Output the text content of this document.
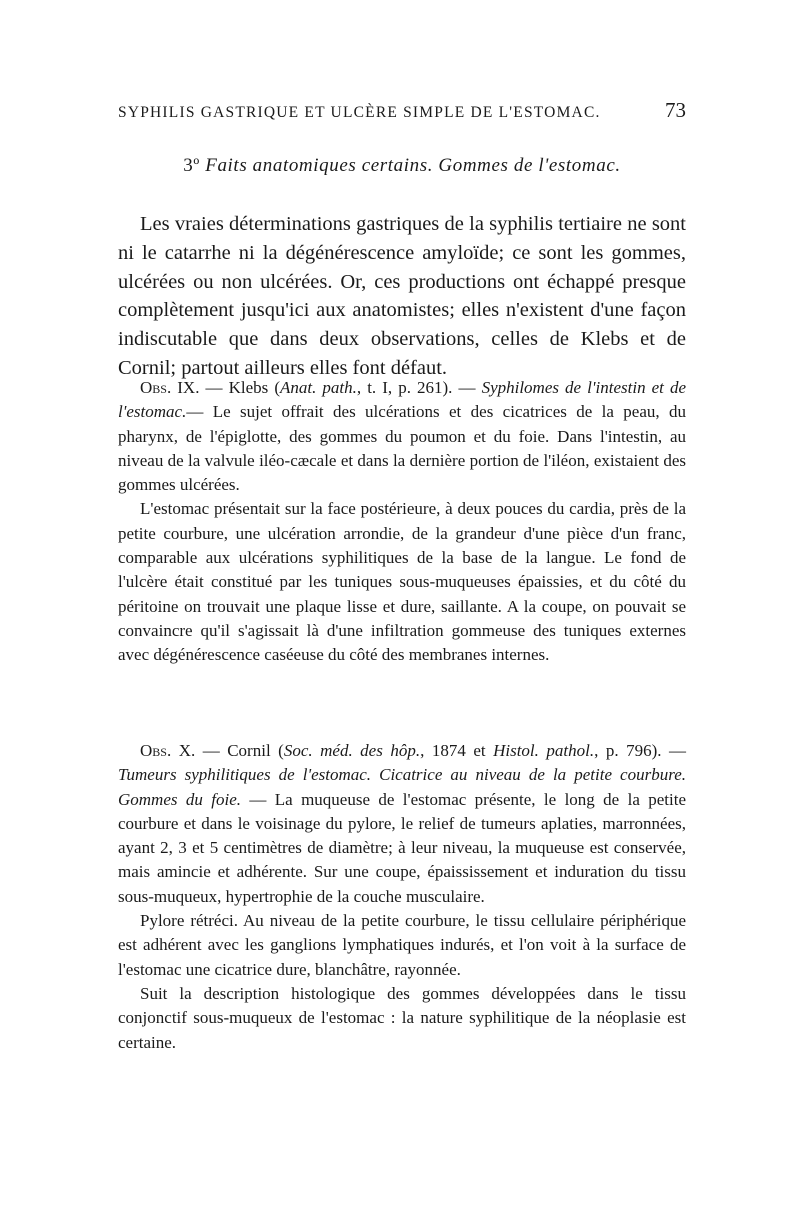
SYPHILIS GASTRIQUE ET ULCÈRE SIMPLE DE L'ESTOMAC.	73
3º Faits anatomiques certains. Gommes de l'estomac.

Les vraies déterminations gastriques de la syphilis tertiaire ne sont ni le catarrhe ni la dégénérescence amyloïde; ce sont les gommes, ulcérées ou non ulcérées. Or, ces productions ont échappé presque complètement jusqu'ici aux anatomistes; elles n'existent d'une façon indiscutable que dans deux observations, celles de Klebs et de Cornil; partout ailleurs elles font défaut.

Obs. IX. — Klebs (Anat. path., t. I, p. 261). — Syphilomes de l'intestin et de l'estomac.— Le sujet offrait des ulcérations et des cicatrices de la peau, du pharynx, de l'épiglotte, des gommes du poumon et du foie. Dans l'intestin, au niveau de la valvule iléo-cæcale et dans la dernière portion de l'iléon, existaient des gommes ulcérées.

L'estomac présentait sur la face postérieure, à deux pouces du cardia, près de la petite courbure, une ulcération arrondie, de la grandeur d'une pièce d'un franc, comparable aux ulcérations syphilitiques de la base de la langue. Le fond de l'ulcère était constitué par les tuniques sous-muqueuses épaissies, et du côté du péritoine on trouvait une plaque lisse et dure, saillante. A la coupe, on pouvait se convaincre qu'il s'agissait là d'une infiltration gommeuse des tuniques externes avec dégénérescence caséeuse du côté des membranes internes.

Obs. X. — Cornil (Soc. méd. des hôp., 1874 et Histol. pathol., p. 796). — Tumeurs syphilitiques de l'estomac. Cicatrice au niveau de la petite courbure. Gommes du foie. — La muqueuse de l'estomac présente, le long de la petite courbure et dans le voisinage du pylore, le relief de tumeurs aplaties, marronnées, ayant 2, 3 et 5 centimètres de diamètre; à leur niveau, la muqueuse est conservée, mais amincie et adhérente. Sur une coupe, épaississement et induration du tissu sous-muqueux, hypertrophie de la couche musculaire.

Pylore rétréci. Au niveau de la petite courbure, le tissu cellulaire périphérique est adhérent avec les ganglions lymphatiques indurés, et l'on voit à la surface de l'estomac une cicatrice dure, blanchâtre, rayonnée.

Suit la description histologique des gommes développées dans le tissu conjonctif sous-muqueux de l'estomac : la nature syphilitique de la néoplasie est certaine.
